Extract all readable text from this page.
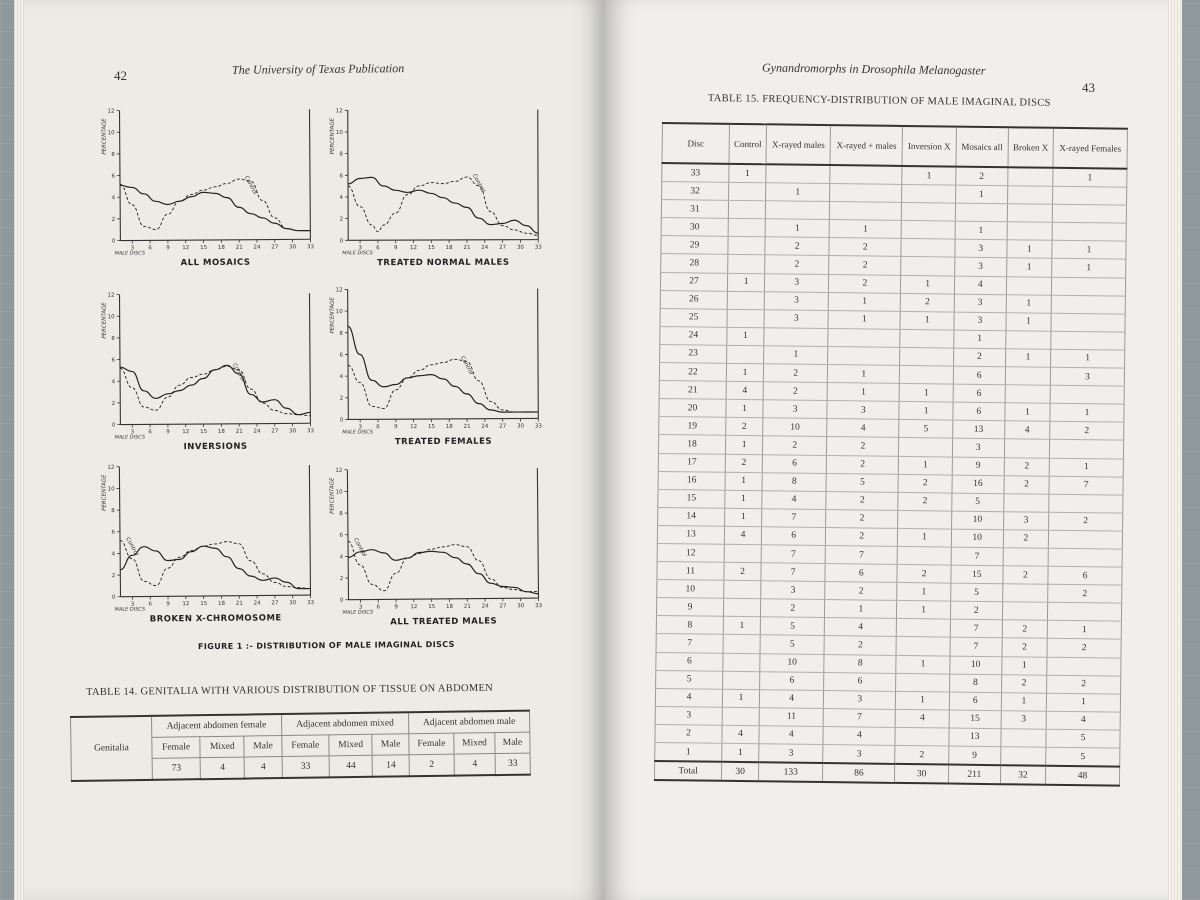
42	The University of Texas Publication
0
2
4
6
8
10
12
3	6	9 12 15 18 21 24 27 30 33
PERCENTAGE
MALE DISCS
Control
ALL MOSAICS
0
2
4
6
8
10
12
3	6	9 12 15 18 21 24 27 30 33
PERCENTAGE
MALE DISCS
Control
TREATED NORMAL MALES
0
2
4
6
8
10
12
3	6	9 12 15 18 21 24 27 30 33
PERCENTAGE
MALE DISCS
Control
INVERSIONS
0
2
4
6
8
10
12
3	6	9 12 15 18 21 24 27 30 33
PERCENTAGE
MALE DISCS
Control
TREATED FEMALES
0
2
4
6
8
10
12
3	6	9 12 15 18 21 24 27 30 33
PERCENTAGE
MALE DISCS
Control
BROKEN X-CHROMOSOME
0
2
4
6
8
10
12
3	6	9 12 15 18 21 24 27 30 33
PERCENTAGE
MALE DISCS
Control
ALL TREATED MALES
FIGURE 1 :- DISTRIBUTION OF MALE IMAGINAL DISCS
TABLE 14. GENITALIA WITH VARIOUS DISTRIBUTION OF TISSUE ON ABDOMEN
Genitalia	Adjacent abdomen female			Adjacent abdomen mixed			Adjacent abdomen male		
	Female	Mixed	Male	Female	Mixed	Male	Female	Mixed	Male
	73	4	4	33	44	14	2	4	33
Gynandromorphs in Drosophila Melanogaster
43
TABLE 15. FREQUENCY-DISTRIBUTION OF MALE IMAGINAL DISCS
Disc	Control	X-rayed males	X-rayed + males	Inversion X	Mosaics all	Broken X	X-rayed Females
33	1			1	2		1
32		1			1		
31							
30		1	1		1		
29		2	2		3	1	1
28		2	2		3	1	1
27	1	3	2	1	4		
26		3	1	2	3	1	
25		3	1	1	3	1	
24	1				1		
23		1			2	1	1
22	1	2	1		6		3
21	4	2	1	1	6		
20	1	3	3	1	6	1	1
19	2	10	4	5	13	4	2
18	1	2	2		3		
17	2	6	2	1	9	2	1
16	1	8	5	2	16	2	7
15	1	4	2	2	5		
14	1	7	2		10	3	2
13	4	6	2	1	10	2	
12		7	7		7		
11	2	7	6	2	15	2	6
10		3	2	1	5		2
9		2	1	1	2		
8	1	5	4		7	2	1
7		5	2		7	2	2
6		10	8	1	10	1	
5		6	6		8	2	2
4	1	4	3	1	6	1	1
3		11	7	4	15	3	4
2	4	4	4		13		5
1	1	3	3	2	9		5
Total	30	133	86	30	211	32	48
